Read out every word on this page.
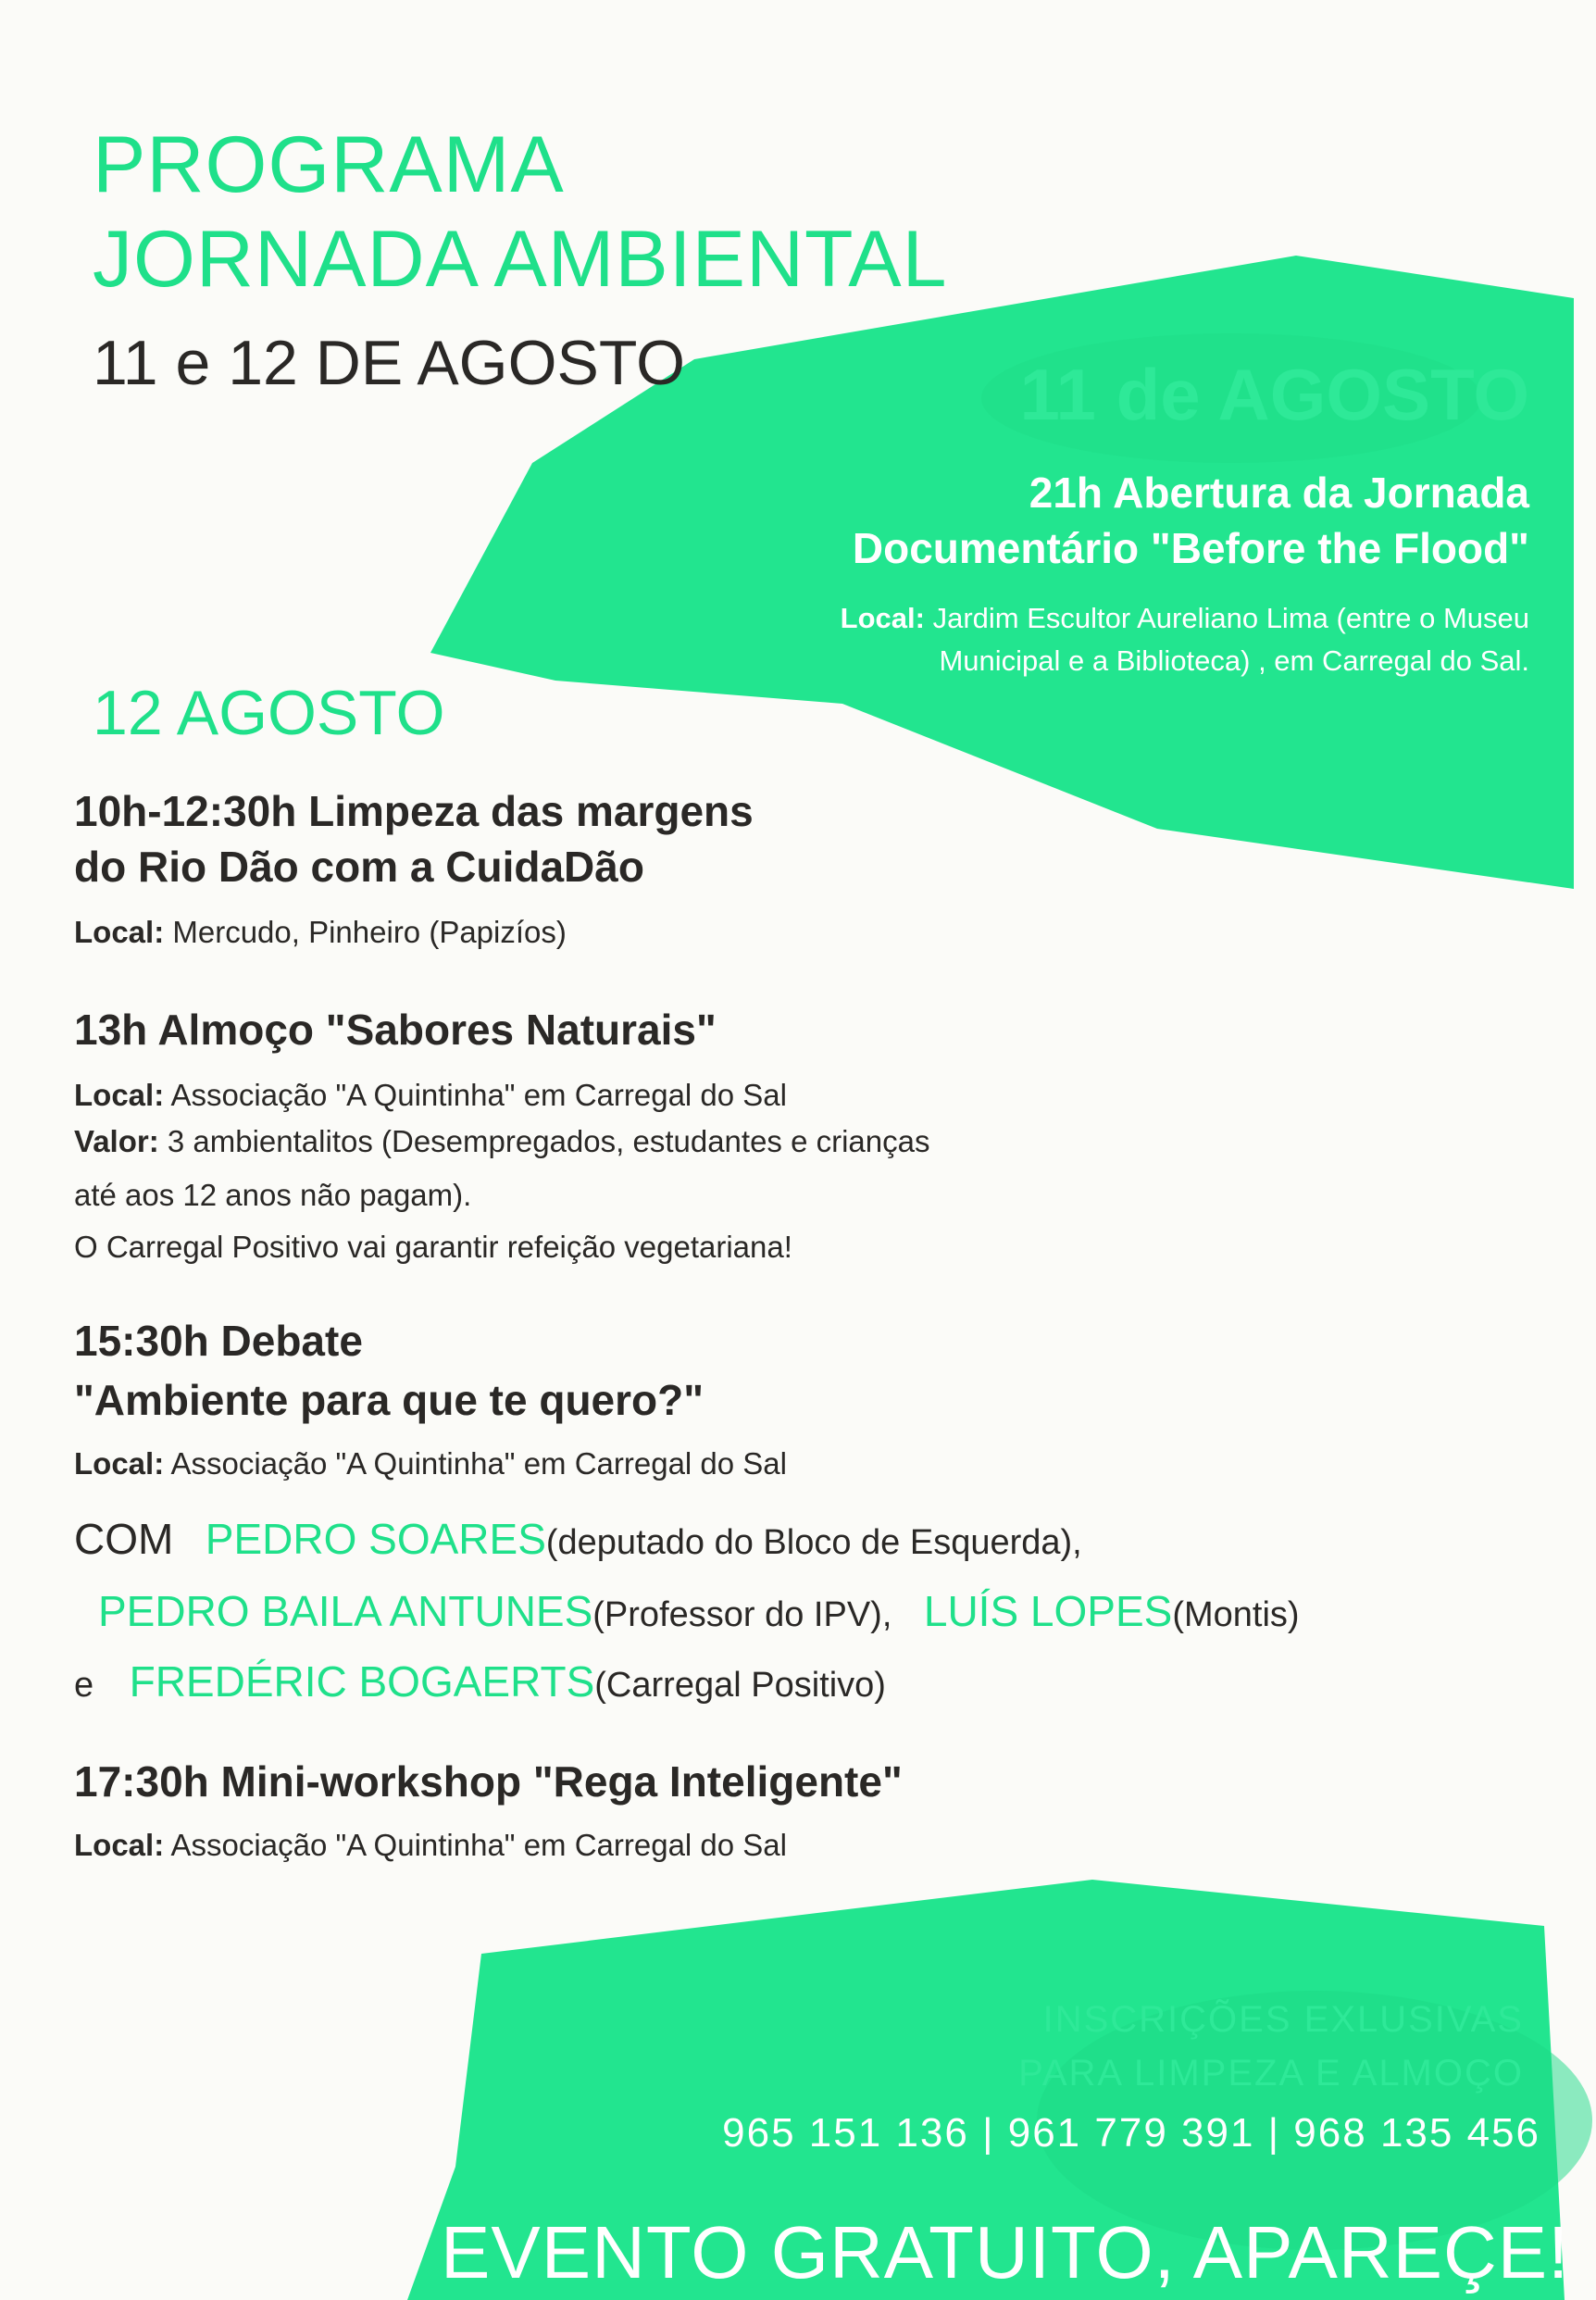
PROGRAMA
JORNADA AMBIENTAL
11 e 12 DE AGOSTO	11 de AGOSTO
21h Abertura da Jornada
Documentário "Before the Flood"
Local: Jardim Escultor Aureliano Lima (entre o Museu
Municipal e a Biblioteca) , em Carregal do Sal.
12 AGOSTO
10h-12:30h Limpeza das margens
do Rio Dão com a CuidaDão
Local: Mercudo, Pinheiro (Papizíos)
13h Almoço "Sabores Naturais"
Local: Associação "A Quintinha" em Carregal do Sal
Valor: 3 ambientalitos (Desempregados, estudantes e crianças
até aos 12 anos não pagam).
O Carregal Positivo vai garantir refeição vegetariana!
15:30h Debate
"Ambiente para que te quero?"
Local: Associação "A Quintinha" em Carregal do Sal
COM PEDRO SOARES(deputado do Bloco de Esquerda),
PEDRO BAILA ANTUNES(Professor do IPV), LUÍS LOPES(Montis)
e FREDÉRIC BOGAERTS(Carregal Positivo)
17:30h Mini-workshop "Rega Inteligente"
Local: Associação "A Quintinha" em Carregal do Sal
INSCRIÇÕES EXLUSIVAS
PARA LIMPEZA E ALMOÇO
965 151 136 | 961 779 391 | 968 135 456
EVENTO GRATUITO, APAREÇE!
